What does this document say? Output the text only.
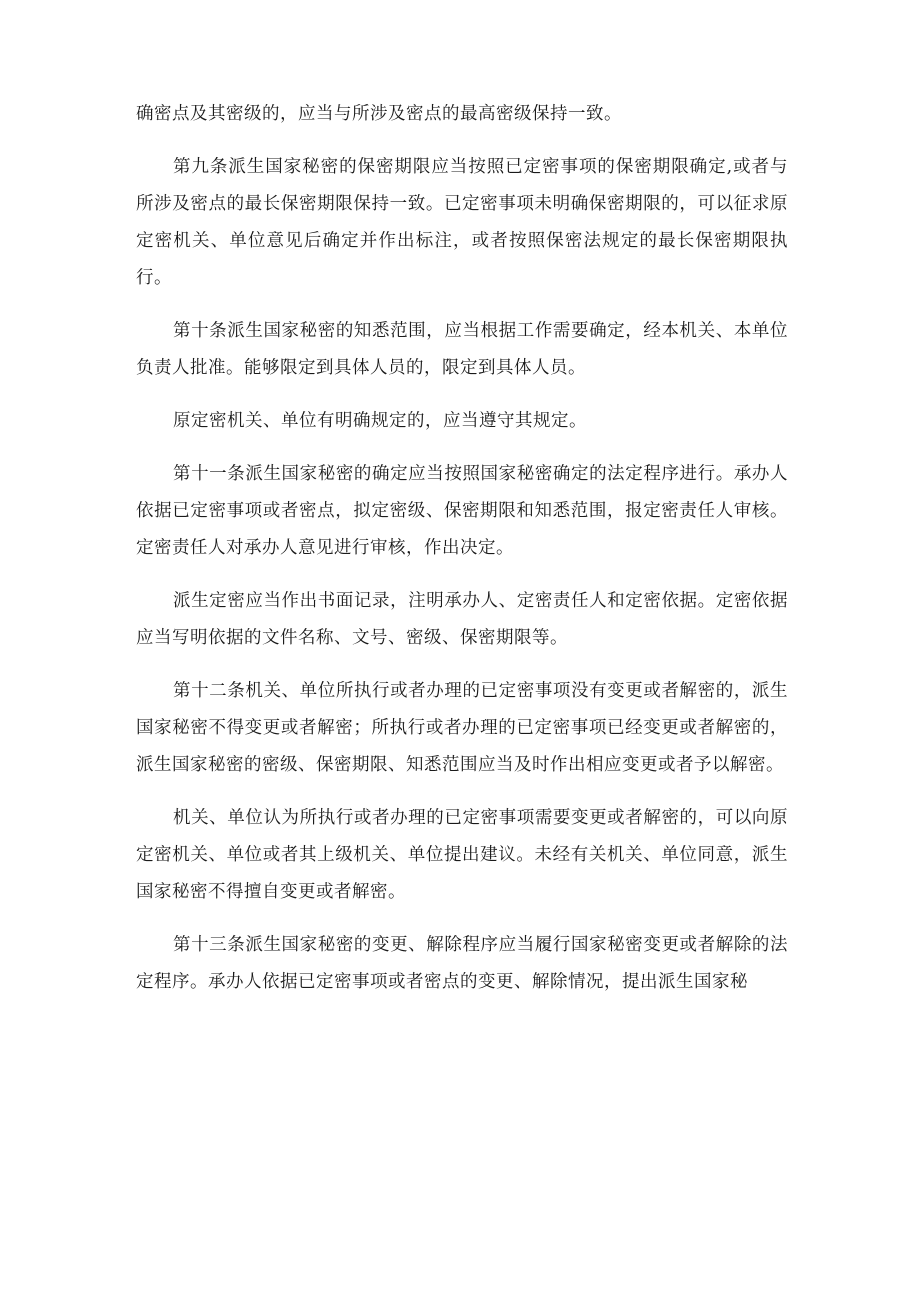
确密点及其密级的，应当与所涉及密点的最高密级保持一致。

第九条派生国家秘密的保密期限应当按照已定密事项的保密期限确定,或者与所涉及密点的最长保密期限保持一致。已定密事项未明确保密期限的，可以征求原定密机关、单位意见后确定并作出标注，或者按照保密法规定的最长保密期限执行。

第十条派生国家秘密的知悉范围，应当根据工作需要确定，经本机关、本单位负责人批准。能够限定到具体人员的，限定到具体人员。

原定密机关、单位有明确规定的，应当遵守其规定。

第十一条派生国家秘密的确定应当按照国家秘密确定的法定程序进行。承办人依据已定密事项或者密点，拟定密级、保密期限和知悉范围，报定密责任人审核。定密责任人对承办人意见进行审核，作出决定。

派生定密应当作出书面记录，注明承办人、定密责任人和定密依据。定密依据应当写明依据的文件名称、文号、密级、保密期限等。

第十二条机关、单位所执行或者办理的已定密事项没有变更或者解密的，派生国家秘密不得变更或者解密；所执行或者办理的已定密事项已经变更或者解密的，派生国家秘密的密级、保密期限、知悉范围应当及时作出相应变更或者予以解密。

机关、单位认为所执行或者办理的已定密事项需要变更或者解密的，可以向原定密机关、单位或者其上级机关、单位提出建议。未经有关机关、单位同意，派生国家秘密不得擅自变更或者解密。

第十三条派生国家秘密的变更、解除程序应当履行国家秘密变更或者解除的法定程序。承办人依据已定密事项或者密点的变更、解除情况，提出派生国家秘
